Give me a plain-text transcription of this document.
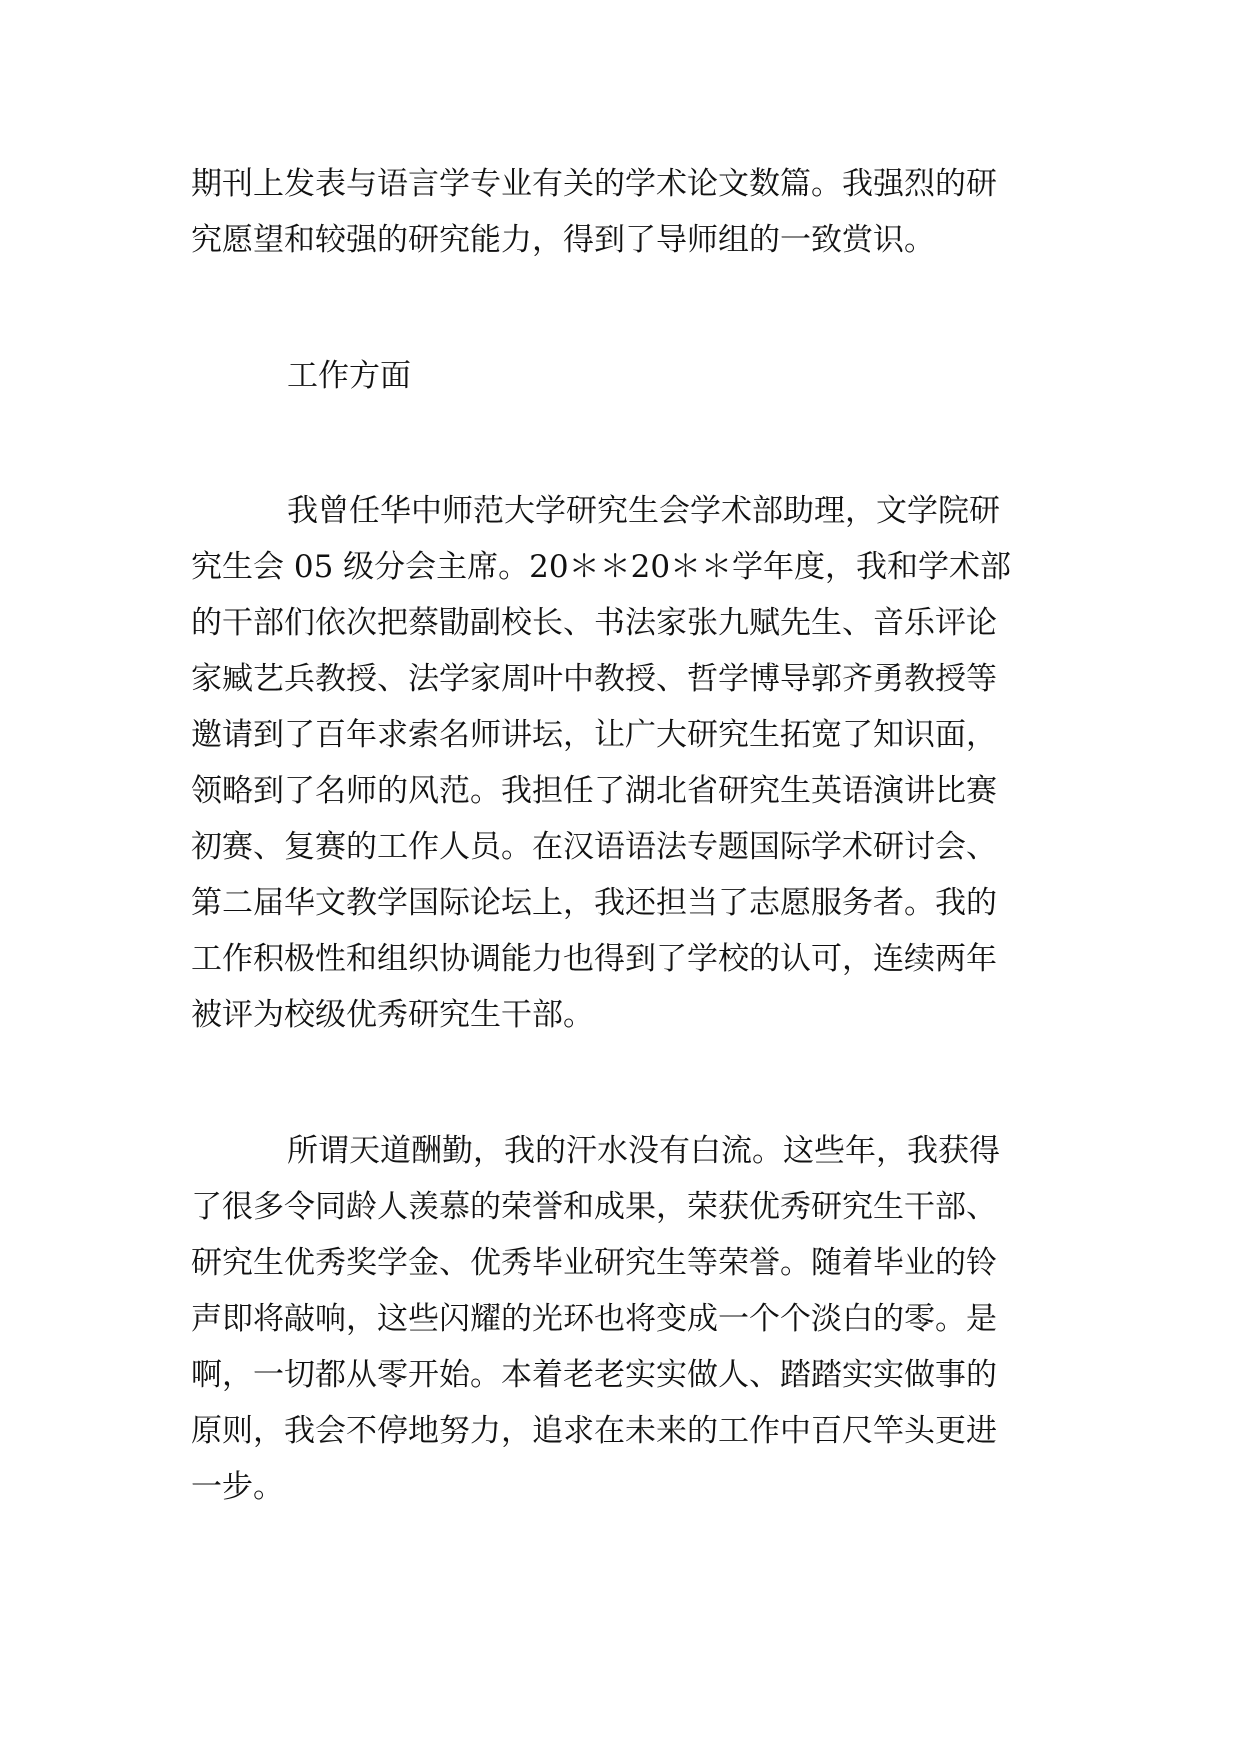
期刊上发表与语言学专业有关的学术论文数篇。我强烈的研
究愿望和较强的研究能力，得到了导师组的一致赏识。
工作方面
我曾任华中师范大学研究生会学术部助理，文学院研
究生会 05 级分会主席。20＊＊20＊＊学年度，我和学术部
的干部们依次把蔡勖副校长、书法家张九赋先生、音乐评论
家臧艺兵教授、法学家周叶中教授、哲学博导郭齐勇教授等
邀请到了百年求索名师讲坛，让广大研究生拓宽了知识面，
领略到了名师的风范。我担任了湖北省研究生英语演讲比赛
初赛、复赛的工作人员。在汉语语法专题国际学术研讨会、
第二届华文教学国际论坛上，我还担当了志愿服务者。我的
工作积极性和组织协调能力也得到了学校的认可，连续两年
被评为校级优秀研究生干部。
所谓天道酬勤，我的汗水没有白流。这些年，我获得
了很多令同龄人羡慕的荣誉和成果，荣获优秀研究生干部、
研究生优秀奖学金、优秀毕业研究生等荣誉。随着毕业的铃
声即将敲响，这些闪耀的光环也将变成一个个淡白的零。是
啊，一切都从零开始。本着老老实实做人、踏踏实实做事的
原则，我会不停地努力，追求在未来的工作中百尺竿头更进
一步。
